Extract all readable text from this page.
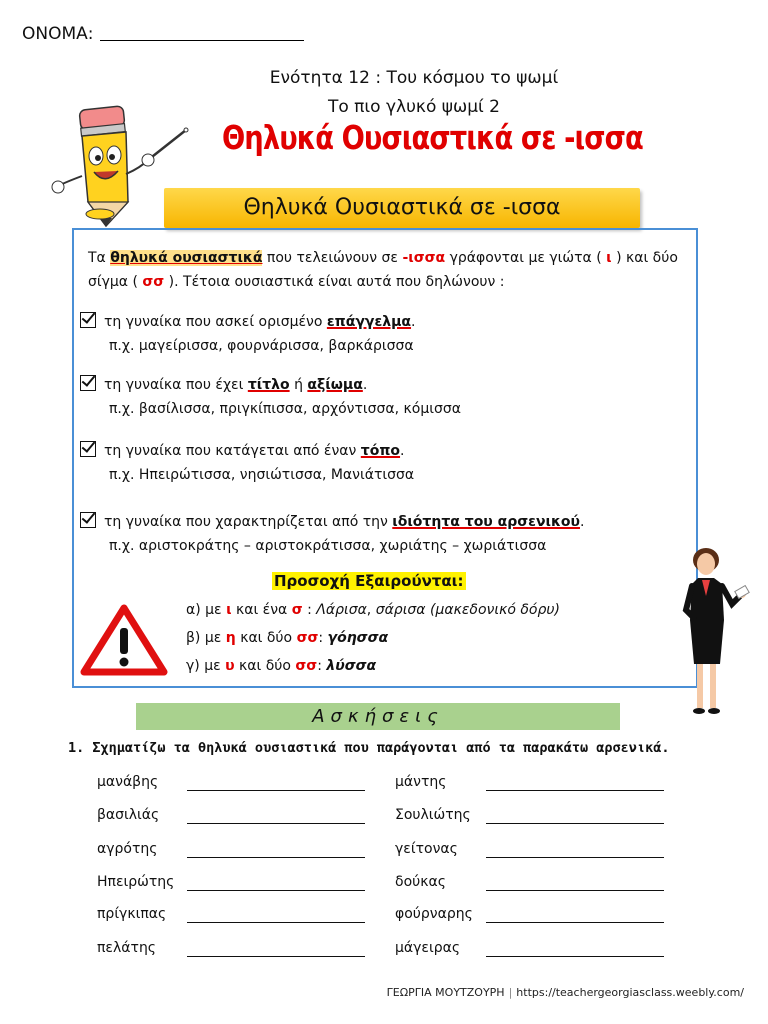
ΟΝΟΜΑ:
Ενότητα 12 : Του κόσμου το ψωμί
Το πιο γλυκό ψωμί 2
Θηλυκά Ουσιαστικά σε -ισσα
Θηλυκά Ουσιαστικά σε -ισσα
Τα θηλυκά ουσιαστικά που τελειώνουν σε -ισσα γράφονται με γιώτα ( ι ) και δύο σίγμα ( σσ ). Τέτοια ουσιαστικά είναι αυτά που δηλώνουν :
τη γυναίκα που ασκεί ορισμένο επάγγελμα.
π.χ. μαγείρισσα, φουρνάρισσα, βαρκάρισσα
τη γυναίκα που έχει τίτλο ή αξίωμα.
π.χ. βασίλισσα, πριγκίπισσα, αρχόντισσα, κόμισσα
τη γυναίκα που κατάγεται από έναν τόπο.
π.χ. Ηπειρώτισσα, νησιώτισσα, Μανιάτισσα
τη γυναίκα που χαρακτηρίζεται από την ιδιότητα του αρσενικού.
π.χ. αριστοκράτης – αριστοκράτισσα, χωριάτης – χωριάτισσα
Προσοχή Εξαιρούνται:
α) με ι και ένα σ : Λάρισα, σάρισα (μακεδονικό δόρυ)
β) με η και δύο σσ: γόησσα
γ) με υ και δύο σσ: λύσσα
Ασκήσεις
1. Σχηματίζω τα θηλυκά ουσιαστικά που παράγονται από τα παρακάτω αρσενικά.
μανάβης
βασιλιάς
αγρότης
Ηπειρώτης
πρίγκιπας
πελάτης
μάντης
Σουλιώτης
γείτονας
δούκας
φούρναρης
μάγειρας
ΓΕΩΡΓΙΑ ΜΟΥΤΖΟΥΡΗ | https://teachergeorgiasclass.weebly.com/
